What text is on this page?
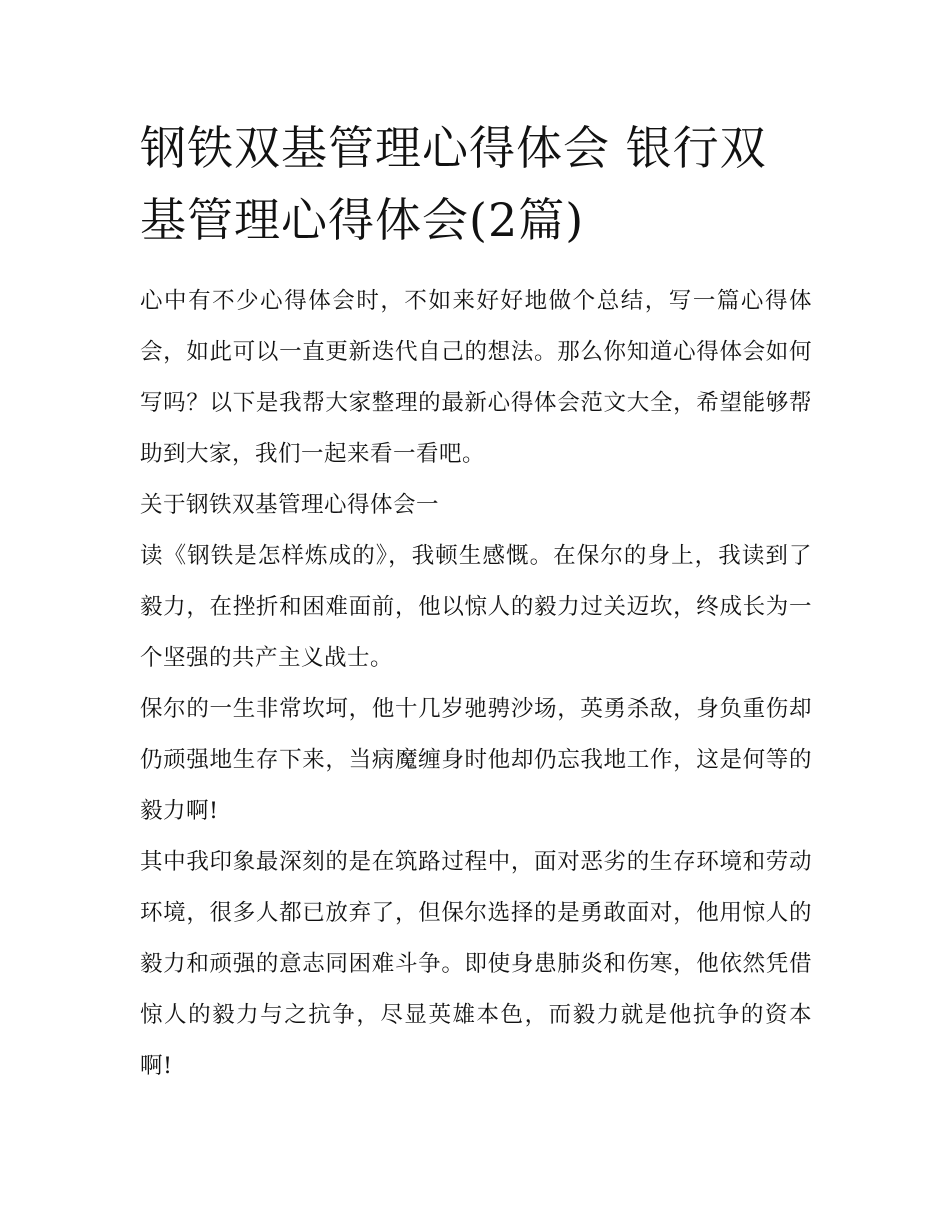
钢铁双基管理心得体会 银行双基管理心得体会(2篇)

心中有不少心得体会时，不如来好好地做个总结，写一篇心得体会，如此可以一直更新迭代自己的想法。那么你知道心得体会如何写吗？以下是我帮大家整理的最新心得体会范文大全，希望能够帮助到大家，我们一起来看一看吧。

关于钢铁双基管理心得体会一

读《钢铁是怎样炼成的》，我顿生感慨。在保尔的身上，我读到了毅力，在挫折和困难面前，他以惊人的毅力过关迈坎，终成长为一个坚强的共产主义战士。

保尔的一生非常坎坷，他十几岁驰骋沙场，英勇杀敌，身负重伤却仍顽强地生存下来，当病魔缠身时他却仍忘我地工作，这是何等的毅力啊!

其中我印象最深刻的是在筑路过程中，面对恶劣的生存环境和劳动环境，很多人都已放弃了，但保尔选择的是勇敢面对，他用惊人的毅力和顽强的意志同困难斗争。即使身患肺炎和伤寒，他依然凭借惊人的毅力与之抗争，尽显英雄本色，而毅力就是他抗争的资本啊!
